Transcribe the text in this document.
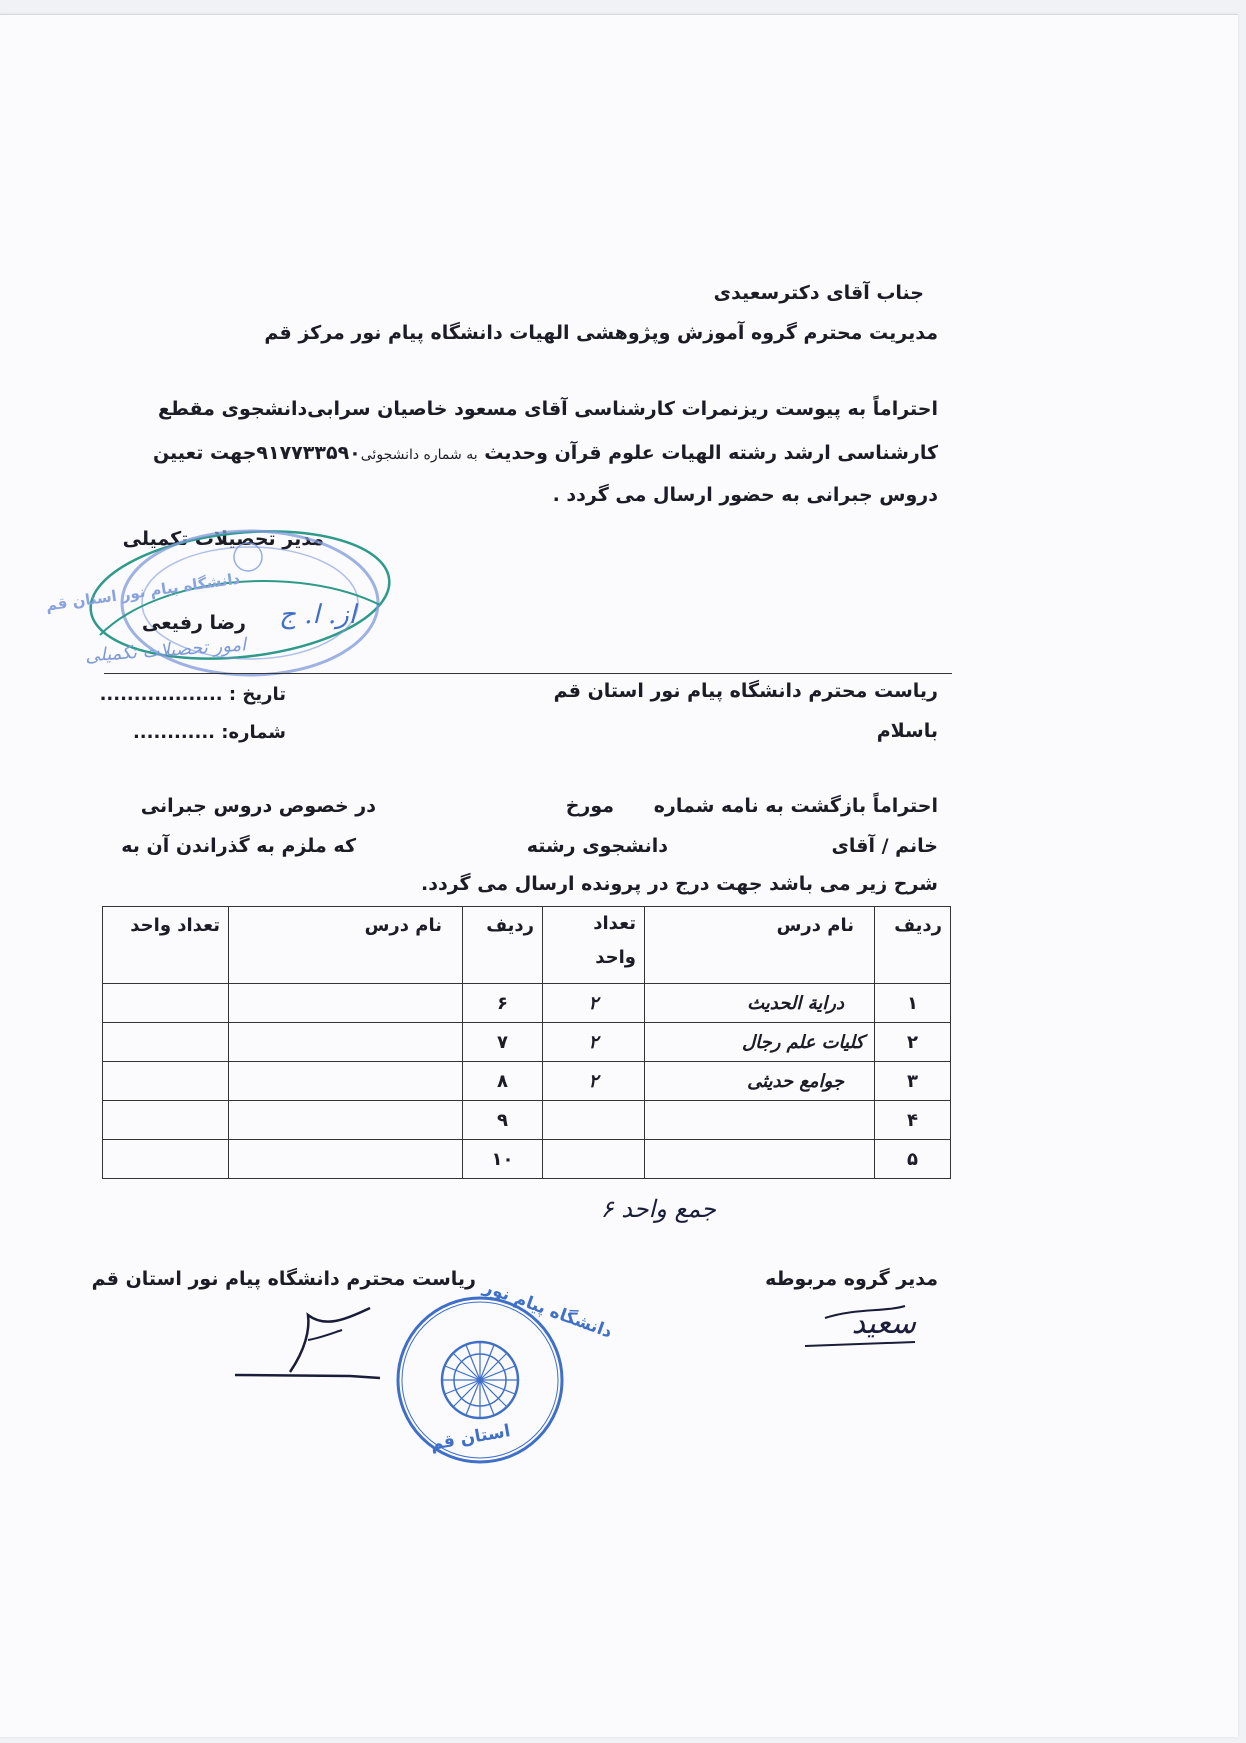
جناب آقای دکترسعیدی
مدیریت محترم گروه آموزش وپژوهشی الهیات دانشگاه پیام نور مرکز قم
احتراماً به پیوست ریزنمرات کارشناسی آقای مسعود خاصیان سرابی
دانشجوی مقطع
کارشناسی ارشد رشته الهیات علوم قرآن وحدیث به شماره دانشجوئی۹۱۷۷۳۳۵۹۰جهت تعیین
دروس جبرانی به حضور ارسال می گردد .
مدیر تحصیلات تکمیلی
دانشگاه پیام نور استان قم
امور تحصیلات تکمیلی
رضا رفیعی از. ا. ج
ریاست محترم دانشگاه پیام نور استان قم
باسلام
تاریخ : ..................
شماره: ............
احتراماً بازگشت به نامه شماره
مورخ
در خصوص دروس جبرانی
خانم / آقای
دانشجوی رشته
که ملزم به گذراندن آن به
شرح زیر می باشد جهت درج در پرونده ارسال می گردد.
ردیف	نام درس	تعداد واحد	ردیف	نام درس	تعداد واحد
۱	درایة الحدیث	۲	۶		
۲	کلیات علم رجال	۲	۷		
۳	جوامع حدیثی	۲	۸		
۴			۹		
۵			۱۰		
جمع واحد ۶
مدیر گروه مربوطه
سعید
ریاست محترم دانشگاه پیام نور استان قم دانشگاه پیام نور
استان قم
